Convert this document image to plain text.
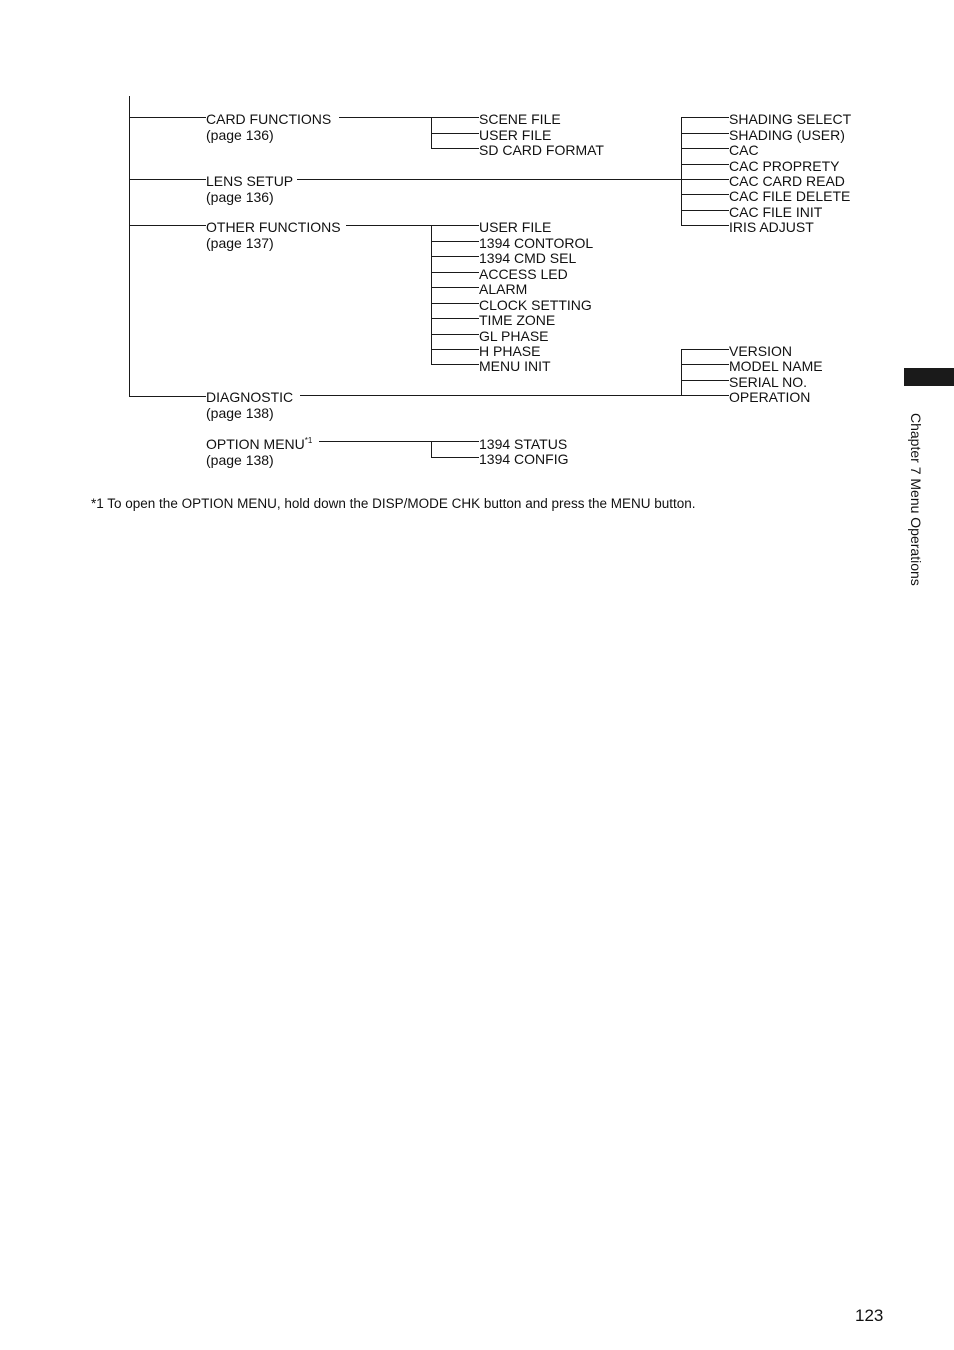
CARD FUNCTIONS
(page 136)
LENS SETUP
(page 136)
OTHER FUNCTIONS
(page 137)
DIAGNOSTIC
(page 138)
OPTION MENU$^{*1}$
(page 138)
SCENE FILE
USER FILE
SD CARD FORMAT
SHADING SELECT
SHADING (USER)
CAC
CAC PROPRETY
CAC CARD READ
CAC FILE DELETE
CAC FILE INIT
IRIS ADJUST
USER FILE
1394 CONTOROL
1394 CMD SEL
ACCESS LED
ALARM
CLOCK SETTING
TIME ZONE
GL PHASE
H PHASE
MENU INIT
VERSION
MODEL NAME
SERIAL NO.
OPERATION
1394 STATUS
1394 CONFIG
*1 To open the OPTION MENU, hold down the DISP/MODE CHK button and press the MENU button.	Chapter 7 Menu Operations
123
